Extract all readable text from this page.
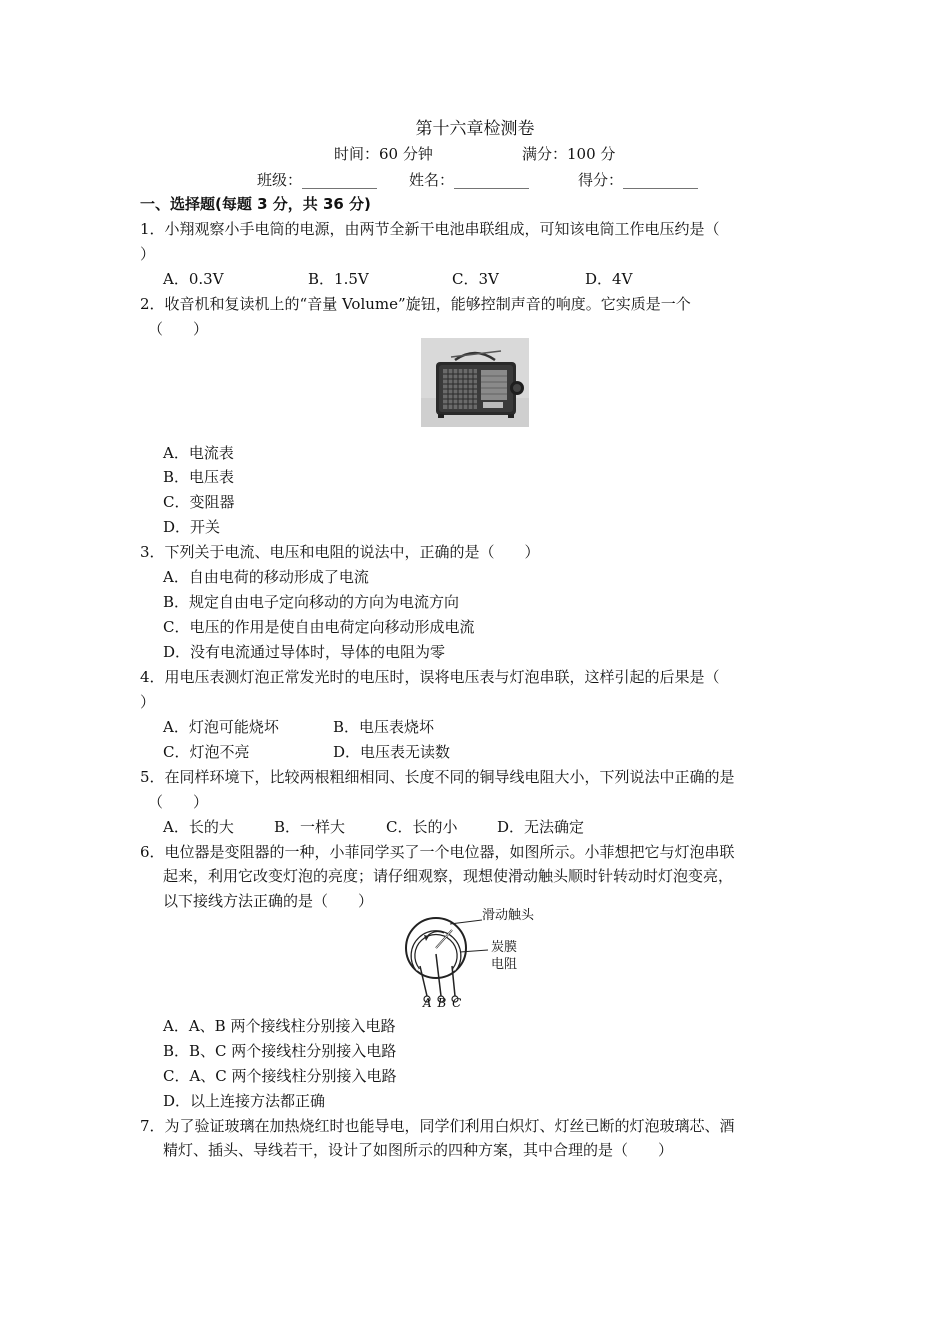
第十六章检测卷
时间：60 分钟	满分：100 分
班级：__________ 姓名：__________	得分：__________
一、选择题(每题 3 分，共 36 分)
1．小翔观察小手电筒的电源，由两节全新干电池串联组成，可知该电筒工作电压约是（
）
A．0.3V	B．1.5V	C．3V	D．4V
2．收音机和复读机上的“音量 Volume”旋钮，能够控制声音的响度。它实质是一个
（　　）
A．电流表
B．电压表
C．变阻器
D．开关
3．下列关于电流、电压和电阻的说法中，正确的是（　　）
A．自由电荷的移动形成了电流
B．规定自由电子定向移动的方向为电流方向
C．电压的作用是使自由电荷定向移动形成电流
D．没有电流通过导体时，导体的电阻为零
4．用电压表测灯泡正常发光时的电压时，误将电压表与灯泡串联，这样引起的后果是（
）
A．灯泡可能烧坏	B．电压表烧坏
C．灯泡不亮	D．电压表无读数
5．在同样环境下，比较两根粗细相同、长度不同的铜导线电阻大小，下列说法中正确的是
（　　）
A．长的大	B．一样大	C．长的小	D．无法确定
6．电位器是变阻器的一种，小菲同学买了一个电位器，如图所示。小菲想把它与灯泡串联
起来，利用它改变灯泡的亮度；请仔细观察，现想使滑动触头顺时针转动时灯泡变亮，
以下接线方法正确的是（　　）
滑动触头
炭膜
电阻
A B C
A．A、B 两个接线柱分别接入电路
B．B、C 两个接线柱分别接入电路
C．A、C 两个接线柱分别接入电路
D．以上连接方法都正确
7．为了验证玻璃在加热烧红时也能导电，同学们利用白炽灯、灯丝已断的灯泡玻璃芯、酒
精灯、插头、导线若干，设计了如图所示的四种方案，其中合理的是（　　）
